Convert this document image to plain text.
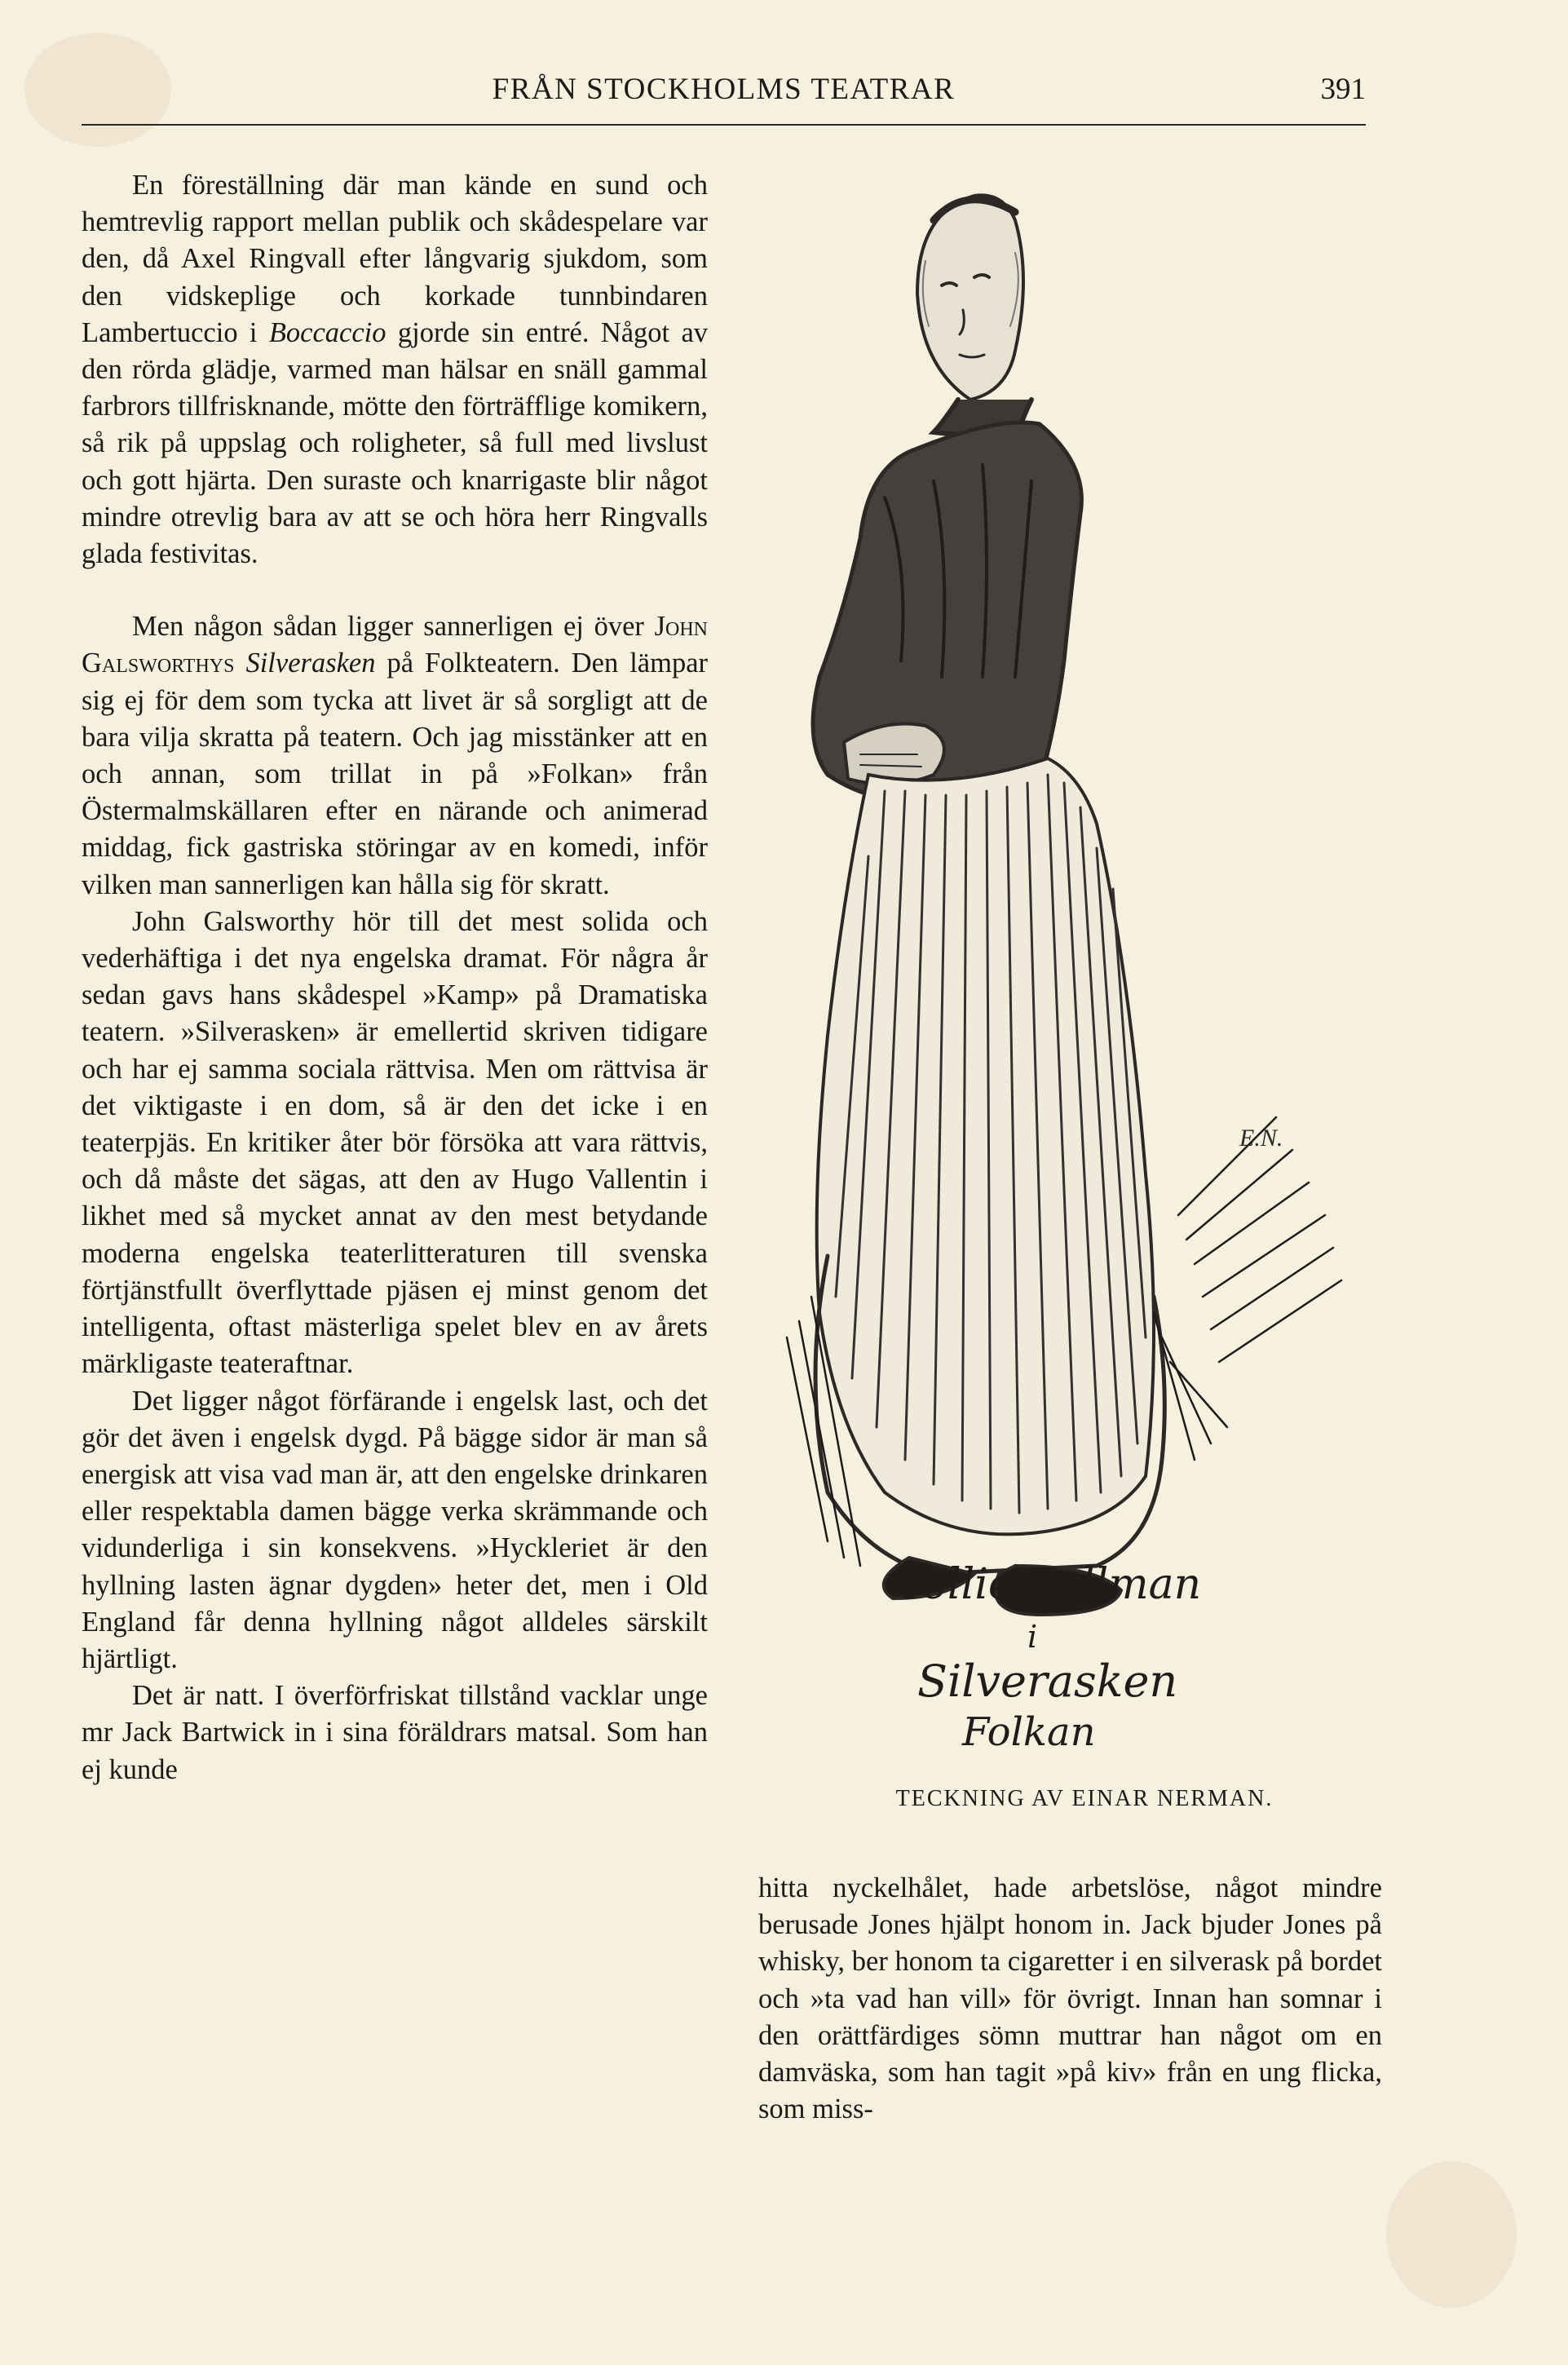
FRÅN STOCKHOLMS TEATRAR	391

En föreställning där man kände en sund och hemtrevlig rapport mellan publik och skådespelare var den, då Axel Ringvall efter långvarig sjukdom, som den vidskeplige och korkade tunnbindaren Lambertuccio i Boccaccio gjorde sin entré. Något av den rörda glädje, varmed man hälsar en snäll gammal farbrors tillfrisknande, mötte den förträfflige komikern, så rik på uppslag och roligheter, så full med livslust och gott hjärta. Den suraste och knarrigaste blir något mindre otrevlig bara av att se och höra herr Ringvalls glada festivitas.

Men någon sådan ligger sannerligen ej över John Galsworthys Silverasken på Folkteatern. Den lämpar sig ej för dem som tycka att livet är så sorgligt att de bara vilja skratta på teatern. Och jag misstänker att en och annan, som trillat in på »Folkan» från Östermalmskällaren efter en närande och animerad middag, fick gastriska störingar av en komedi, inför vilken man sannerligen kan hålla sig för skratt.

John Galsworthy hör till det mest solida och vederhäftiga i det nya engelska dramat. För några år sedan gavs hans skådespel »Kamp» på Dramatiska teatern. »Silverasken» är emellertid skriven tidigare och har ej samma sociala rättvisa. Men om rättvisa är det viktigaste i en dom, så är den det icke i en teaterpjäs. En kritiker åter bör försöka att vara rättvis, och då måste det sägas, att den av Hugo Vallentin i likhet med så mycket annat av den mest betydande moderna engelska teaterlitteraturen till svenska förtjänstfullt överflyttade pjäsen ej minst genom det intelligenta, oftast mästerliga spelet blev en av årets märkligaste teateraftnar.

Det ligger något förfärande i engelsk last, och det gör det även i engelsk dygd. På bägge sidor är man så energisk att visa vad man är, att den engelske drinkaren eller respektabla damen bägge verka skrämmande och vidunderliga i sin konsekvens. »Hyckleriet är den hyllning lasten ägnar dygden» heter det, men i Old England får denna hyllning något alldeles särskilt hjärtligt.

Det är natt. I överförfriskat tillstånd vacklar unge mr Jack Bartwick in i sina föräldrars matsal. Som han ej kunde

E.N.
Tollie Zellman
i
Silverasken
Folkan
TECKNING AV EINAR NERMAN.

hitta nyckelhålet, hade arbetslöse, något mindre berusade Jones hjälpt honom in. Jack bjuder Jones på whisky, ber honom ta cigaretter i en silverask på bordet och »ta vad han vill» för övrigt. Innan han somnar i den orättfärdiges sömn muttrar han något om en damväska, som han tagit »på kiv» från en ung flicka, som miss-
